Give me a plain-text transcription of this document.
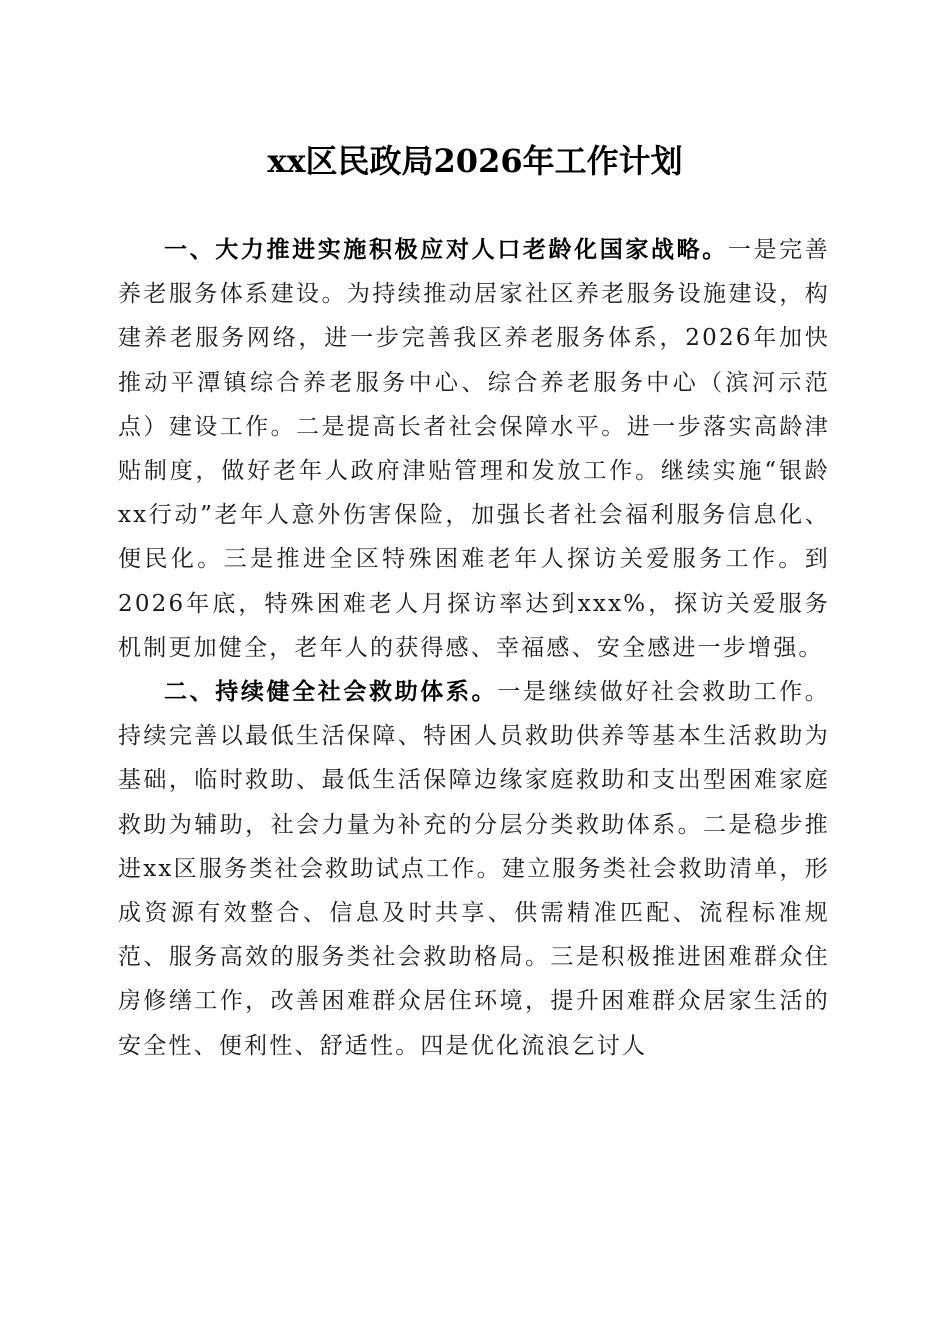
xx区民政局2026年工作计划

一、大力推进实施积极应对人口老龄化国家战略。一是完善养老服务体系建设。为持续推动居家社区养老服务设施建设，构建养老服务网络，进一步完善我区养老服务体系，2026年加快推动平潭镇综合养老服务中心、综合养老服务中心（滨河示范点）建设工作。二是提高长者社会保障水平。进一步落实高龄津贴制度，做好老年人政府津贴管理和发放工作。继续实施“银龄xx行动”老年人意外伤害保险，加强长者社会福利服务信息化、便民化。三是推进全区特殊困难老年人探访关爱服务工作。到2026年底，特殊困难老人月探访率达到xxx%，探访关爱服务机制更加健全，老年人的获得感、幸福感、安全感进一步增强。

二、持续健全社会救助体系。一是继续做好社会救助工作。持续完善以最低生活保障、特困人员救助供养等基本生活救助为基础，临时救助、最低生活保障边缘家庭救助和支出型困难家庭救助为辅助，社会力量为补充的分层分类救助体系。二是稳步推进xx区服务类社会救助试点工作。建立服务类社会救助清单，形成资源有效整合、信息及时共享、供需精准匹配、流程标准规范、服务高效的服务类社会救助格局。三是积极推进困难群众住房修缮工作，改善困难群众居住环境，提升困难群众居家生活的安全性、便利性、舒适性。四是优化流浪乞讨人
